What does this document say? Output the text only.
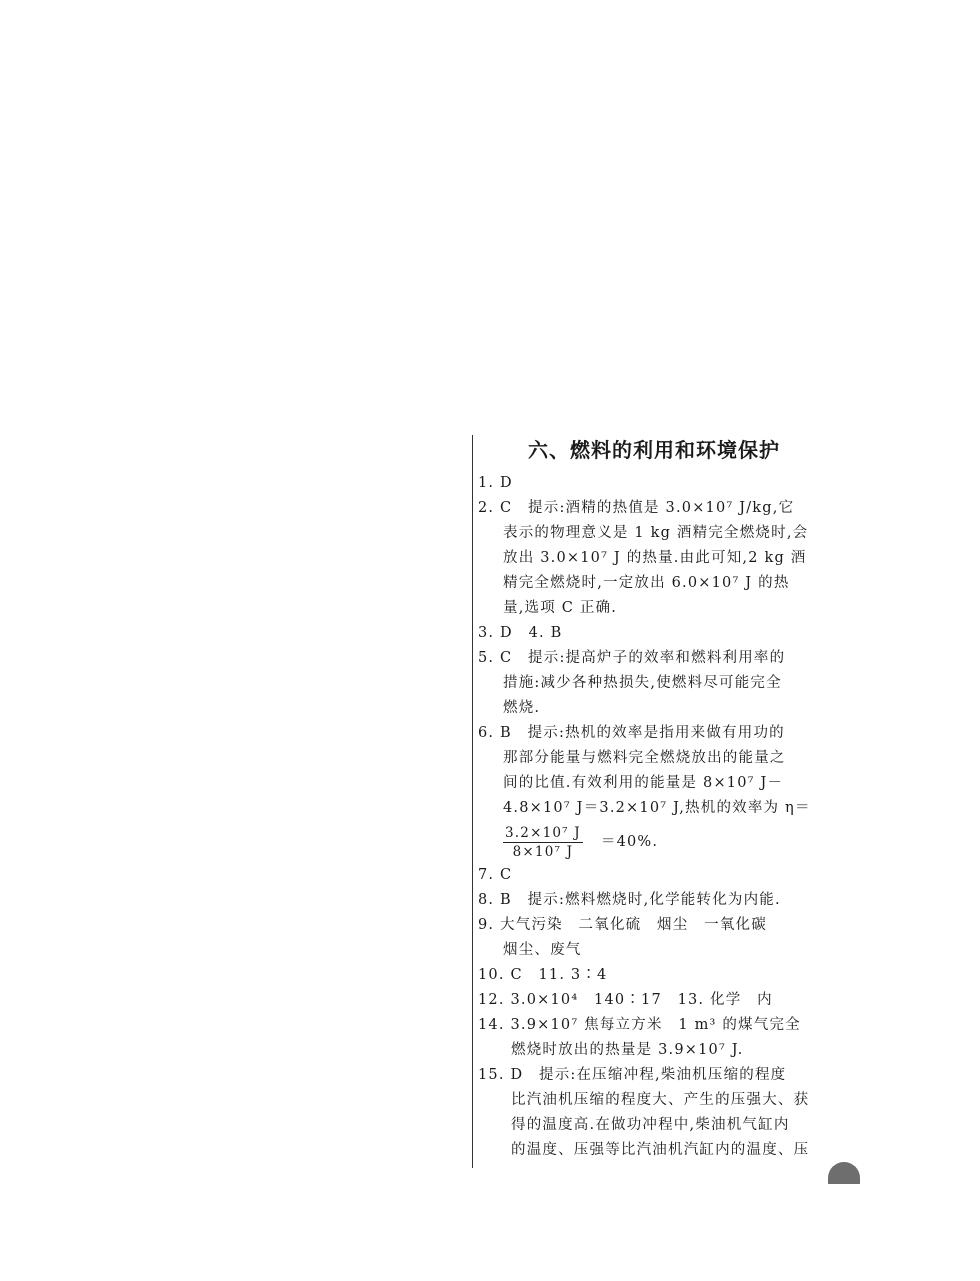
六、燃料的利用和环境保护
1. D
2. C　提示:酒精的热值是 3.0×10⁷ J/kg,它
表示的物理意义是 1 kg 酒精完全燃烧时,会
放出 3.0×10⁷ J 的热量.由此可知,2 kg 酒
精完全燃烧时,一定放出 6.0×10⁷ J 的热
量,选项 C 正确.
3. D　4. B
5. C　提示:提高炉子的效率和燃料利用率的
措施:减少各种热损失,使燃料尽可能完全
燃烧.
6. B　提示:热机的效率是指用来做有用功的
那部分能量与燃料完全燃烧放出的能量之
间的比值.有效利用的能量是 8×10⁷ J－
4.8×10⁷ J＝3.2×10⁷ J,热机的效率为 η＝
$\frac{\text{3.2×10⁷ J}}{\text{8×10⁷ J}} =40\%$.
7. C
8. B　提示:燃料燃烧时,化学能转化为内能.
9. 大气污染　二氧化硫　烟尘　一氧化碳
烟尘、废气
10. C　11. 3∶4
12. 3.0×10⁴　140∶17　13. 化学　内
14. 3.9×10⁷ 焦每立方米　1 m³ 的煤气完全
燃烧时放出的热量是 3.9×10⁷ J.
15. D　提示:在压缩冲程,柴油机压缩的程度
比汽油机压缩的程度大、产生的压强大、获
得的温度高.在做功冲程中,柴油机气缸内
的温度、压强等比汽油机汽缸内的温度、压
